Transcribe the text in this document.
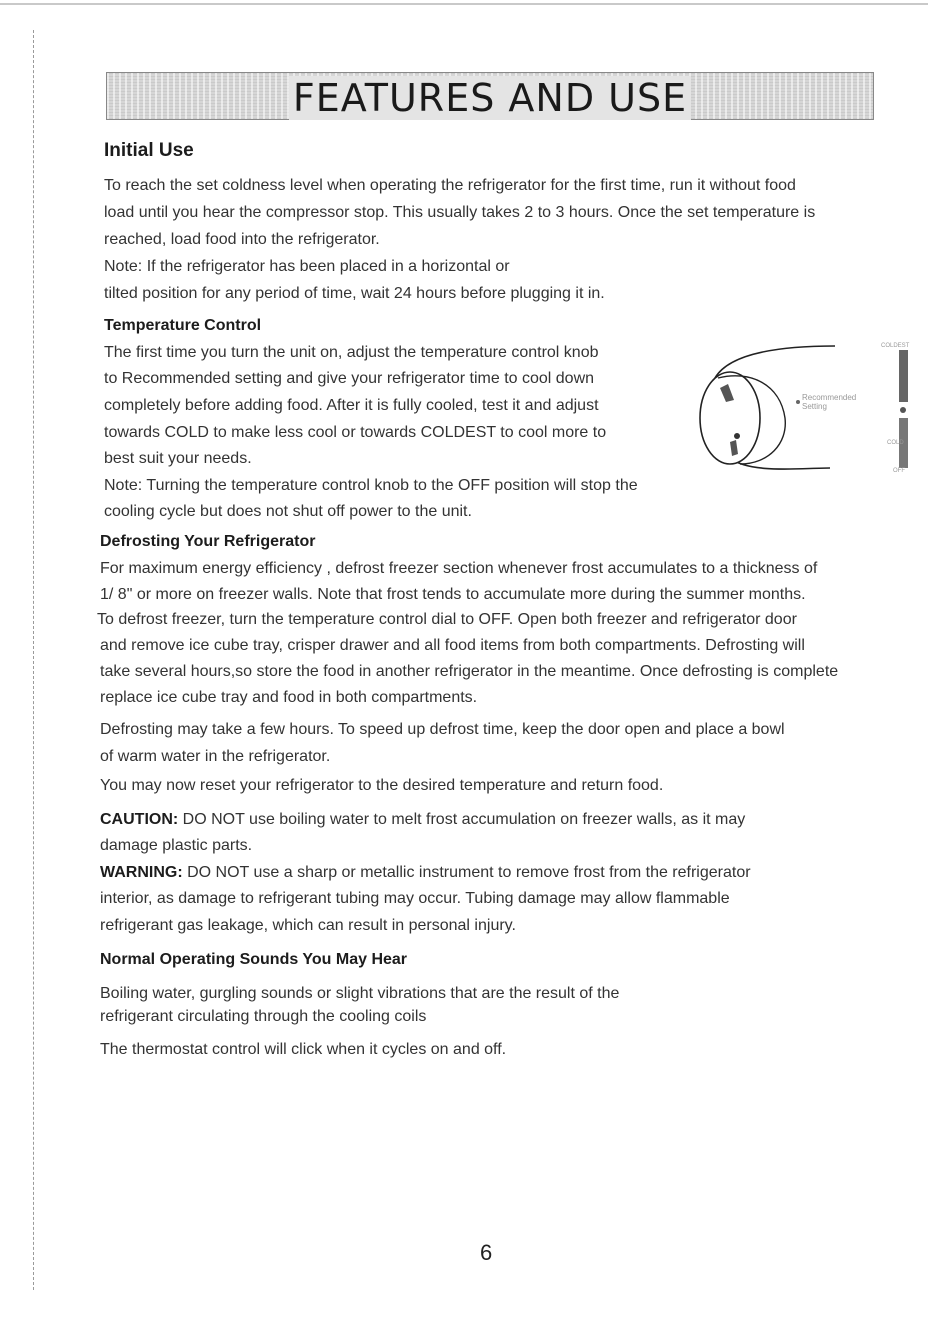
FEATURES AND USE
Initial Use
To reach the set coldness level when operating the refrigerator for the first time, run it without food
load until you hear the compressor stop. This usually takes 2 to 3 hours. Once the set temperature is
reached, load food into the refrigerator.
Note: If the refrigerator has been placed in a horizontal or
tilted position for any period of time, wait 24 hours before plugging it in.
Temperature Control
The first time you turn the unit on, adjust the temperature control knob
to Recommended setting and give your refrigerator time to cool down
completely before adding food. After it is fully cooled, test it and adjust
towards COLD to make less cool or towards COLDEST to cool more to
best suit your needs.
Note: Turning the temperature control knob to the OFF position will stop the
cooling cycle but does not shut off power to the unit.
Recommended
Setting
COLDEST
COLD
OFF
Defrosting Your Refrigerator
For maximum energy efficiency , defrost freezer section whenever frost accumulates to a thickness of
1/ 8" or more on freezer walls. Note that frost tends to accumulate more during the summer months.
To defrost freezer, turn the temperature control dial to OFF. Open both freezer and refrigerator door
and remove ice cube tray, crisper drawer and all food items from both compartments. Defrosting will
take several hours,so store the food in another refrigerator in the meantime. Once defrosting is complete
replace ice cube tray and food in both compartments.
Defrosting may take a few hours. To speed up defrost time, keep the door open and place a bowl
of warm water in the refrigerator.
You may now reset your refrigerator to the desired temperature and return food.
CAUTION: DO NOT use boiling water to melt frost accumulation on freezer walls, as it may
damage plastic parts.
WARNING: DO NOT use a sharp or metallic instrument to remove frost from the refrigerator
interior, as damage to refrigerant tubing may occur. Tubing damage may allow flammable
refrigerant gas leakage, which can result in personal injury.
Normal Operating Sounds You May Hear
Boiling water, gurgling sounds or slight vibrations that are the result of the
refrigerant circulating through the cooling coils
The thermostat control will click when it cycles on and off.
6
